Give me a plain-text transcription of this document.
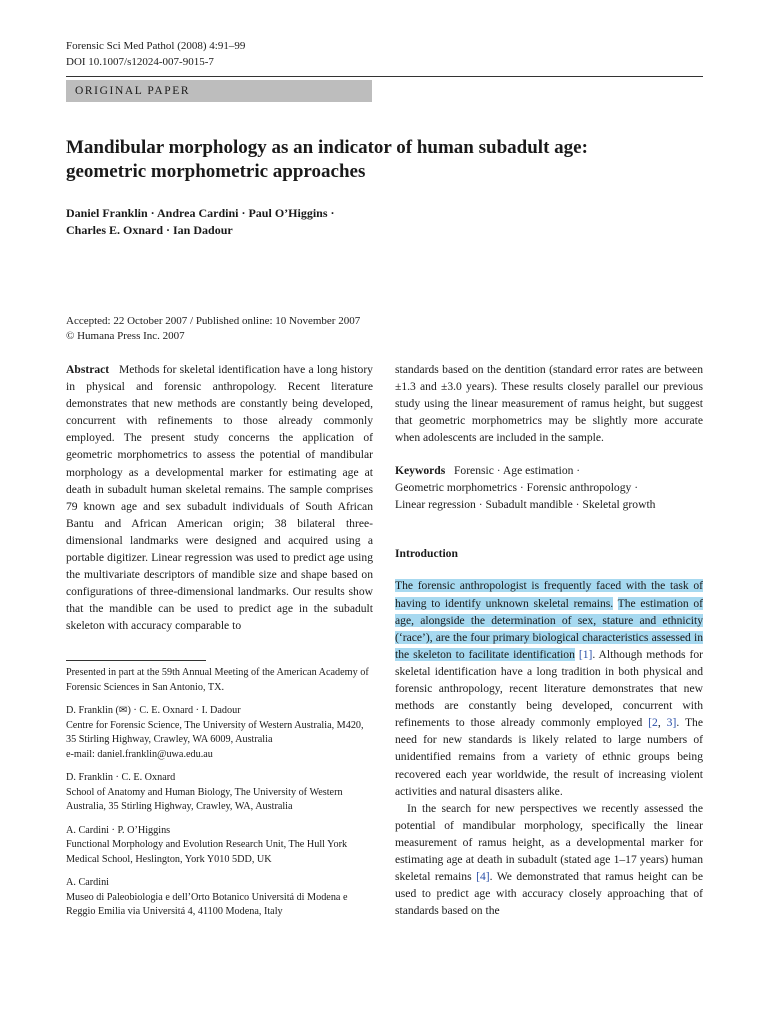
Forensic Sci Med Pathol (2008) 4:91–99
DOI 10.1007/s12024-007-9015-7
ORIGINAL PAPER
Mandibular morphology as an indicator of human subadult age:
geometric morphometric approaches
Daniel Franklin · Andrea Cardini · Paul O’Higgins ·
Charles E. Oxnard · Ian Dadour
Accepted: 22 October 2007 / Published online: 10 November 2007
© Humana Press Inc. 2007

Abstract Methods for skeletal identification have a long history in physical and forensic anthropology. Recent literature demonstrates that new methods are constantly being developed, concurrent with refinements to those already commonly employed. The present study concerns the application of geometric morphometrics to assess the potential of mandibular morphology as a developmental marker for estimating age at death in subadult human skeletal remains. The sample comprises 79 known age and sex subadult individuals of South African Bantu and African American origin; 38 bilateral three-dimensional landmarks were designed and acquired using a portable digitizer. Linear regression was used to predict age using the multivariate descriptors of mandible size and shape based on configurations of three-dimensional landmarks. Our results show that the mandible can be used to predict age in the subadult skeleton with accuracy comparable to

Presented in part at the 59th Annual Meeting of the American Academy of Forensic Sciences in San Antonio, TX.

D. Franklin (✉) · C. E. Oxnard · I. Dadour
Centre for Forensic Science, The University of Western Australia, M420, 35 Stirling Highway, Crawley, WA 6009, Australia
e-mail: daniel.franklin@uwa.edu.au

D. Franklin · C. E. Oxnard
School of Anatomy and Human Biology, The University of Western Australia, 35 Stirling Highway, Crawley, WA, Australia

A. Cardini · P. O’Higgins
Functional Morphology and Evolution Research Unit, The Hull York Medical School, Heslington, York Y010 5DD, UK

A. Cardini
Museo di Paleobiologia e dell’Orto Botanico Universitá di Modena e Reggio Emilia via Universitá 4, 41100 Modena, Italy

standards based on the dentition (standard error rates are between ±1.3 and ±3.0 years). These results closely parallel our previous study using the linear measurement of ramus height, but suggest that geometric morphometrics may be slightly more accurate when adolescents are included in the sample.

Keywords Forensic · Age estimation ·
Geometric morphometrics · Forensic anthropology ·
Linear regression · Subadult mandible · Skeletal growth
Introduction

The forensic anthropologist is frequently faced with the task of having to identify unknown skeletal remains. The estimation of age, alongside the determination of sex, stature and ethnicity (‘race’), are the four primary biological characteristics assessed in the skeleton to facilitate identification [1]. Although methods for skeletal identification have a long tradition in both physical and forensic anthropology, recent literature demonstrates that new methods are constantly being developed, concurrent with refinements to those already commonly employed [2, 3]. The need for new standards is likely related to large numbers of unidentified remains from a variety of ethnic groups being recovered each year worldwide, the result of increasing violent activities and natural disasters alike.

In the search for new perspectives we recently assessed the potential of mandibular morphology, specifically the linear measurement of ramus height, as a developmental marker for estimating age at death in subadult (stated age 1–17 years) human skeletal remains [4]. We demonstrated that ramus height can be used to predict age with accuracy closely approaching that of standards based on the
